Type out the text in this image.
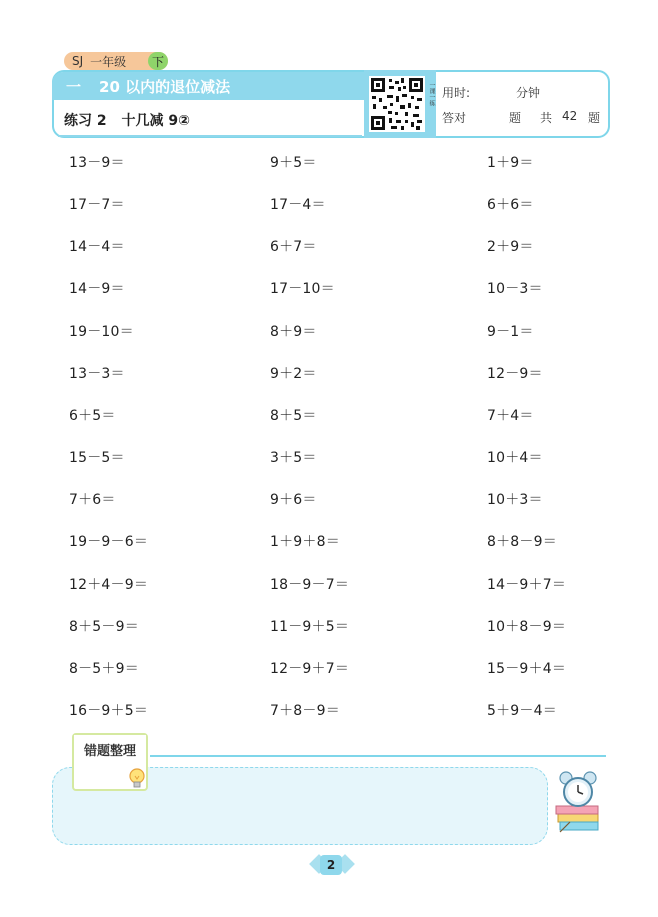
SJ 一年级	下
一 20 以内的退位减法
练习 2 十几减 9②
一课一练 用时:	分钟
答对	题 共 42 题
13－9＝	9＋5＝	1＋9＝
17－7＝	17－4＝	6＋6＝
14－4＝	6＋7＝	2＋9＝
14－9＝	17－10＝	10－3＝
19－10＝	8＋9＝	9－1＝
13－3＝	9＋2＝	12－9＝
6＋5＝	8＋5＝	7＋4＝
15－5＝	3＋5＝	10＋4＝
7＋6＝	9＋6＝	10＋3＝
19－9－6＝	1＋9＋8＝	8＋8－9＝
12＋4－9＝	18－9－7＝	14－9＋7＝
8＋5－9＝	11－9＋5＝	10＋8－9＝
8－5＋9＝	12－9＋7＝	15－9＋4＝
16－9＋5＝	7＋8－9＝	5＋9－4＝
错题整理
2
